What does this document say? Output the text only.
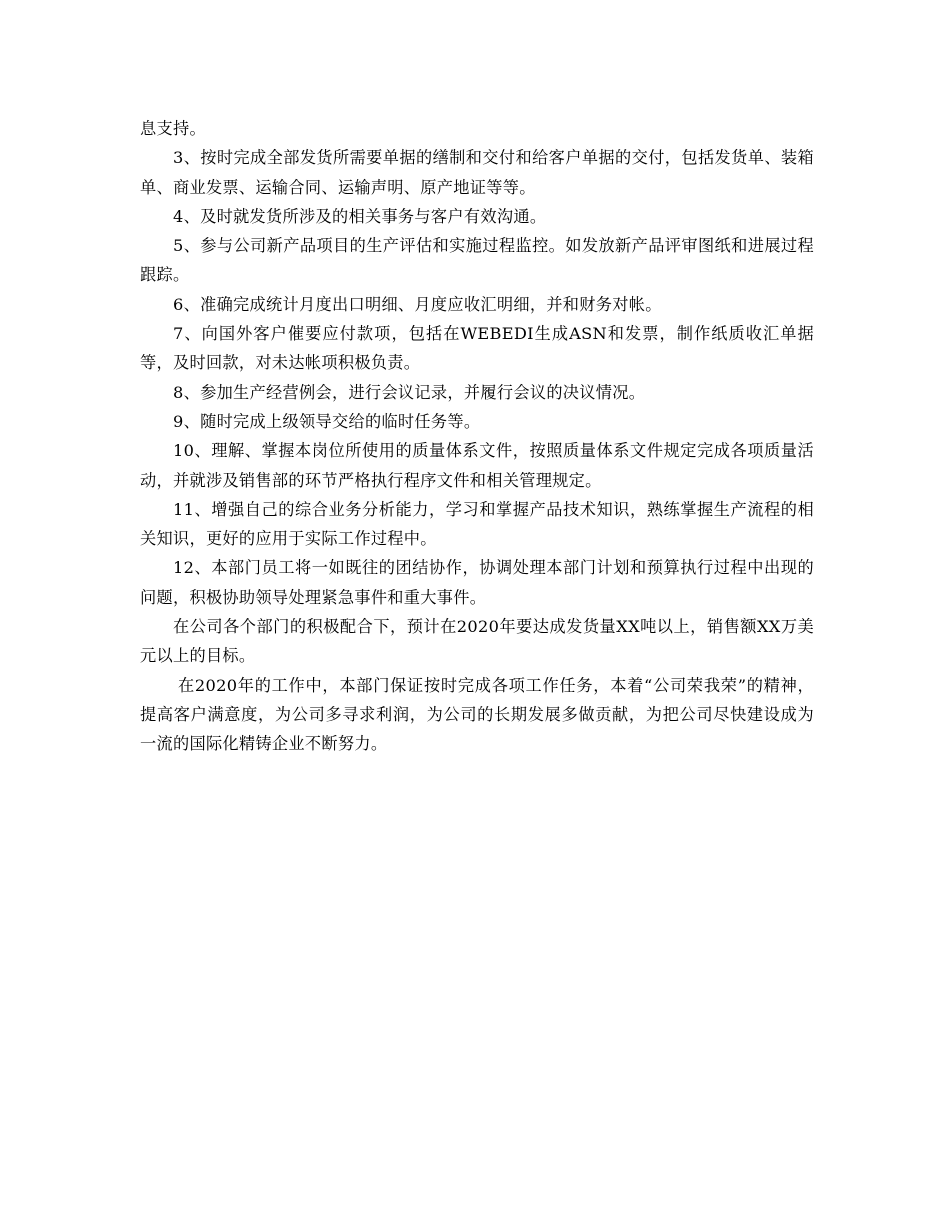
息支持。

3、按时完成全部发货所需要单据的缮制和交付和给客户单据的交付，包括发货单、装箱单、商业发票、运输合同、运输声明、原产地证等等。

4、及时就发货所涉及的相关事务与客户有效沟通。

5、参与公司新产品项目的生产评估和实施过程监控。如发放新产品评审图纸和进展过程跟踪。

6、准确完成统计月度出口明细、月度应收汇明细，并和财务对帐。

7、向国外客户催要应付款项，包括在WEBEDI生成ASN和发票，制作纸质收汇单据等，及时回款，对未达帐项积极负责。

8、参加生产经营例会，进行会议记录，并履行会议的决议情况。

9、随时完成上级领导交给的临时任务等。

10、理解、掌握本岗位所使用的质量体系文件，按照质量体系文件规定完成各项质量活动，并就涉及销售部的环节严格执行程序文件和相关管理规定。

11、增强自己的综合业务分析能力，学习和掌握产品技术知识，熟练掌握生产流程的相关知识，更好的应用于实际工作过程中。

12、本部门员工将一如既往的团结协作，协调处理本部门计划和预算执行过程中出现的问题，积极协助领导处理紧急事件和重大事件。

在公司各个部门的积极配合下，预计在2020年要达成发货量XX吨以上，销售额XX万美元以上的目标。

在2020年的工作中，本部门保证按时完成各项工作任务，本着“公司荣我荣”的精神，提高客户满意度，为公司多寻求利润，为公司的长期发展多做贡献，为把公司尽快建设成为一流的国际化精铸企业不断努力。
